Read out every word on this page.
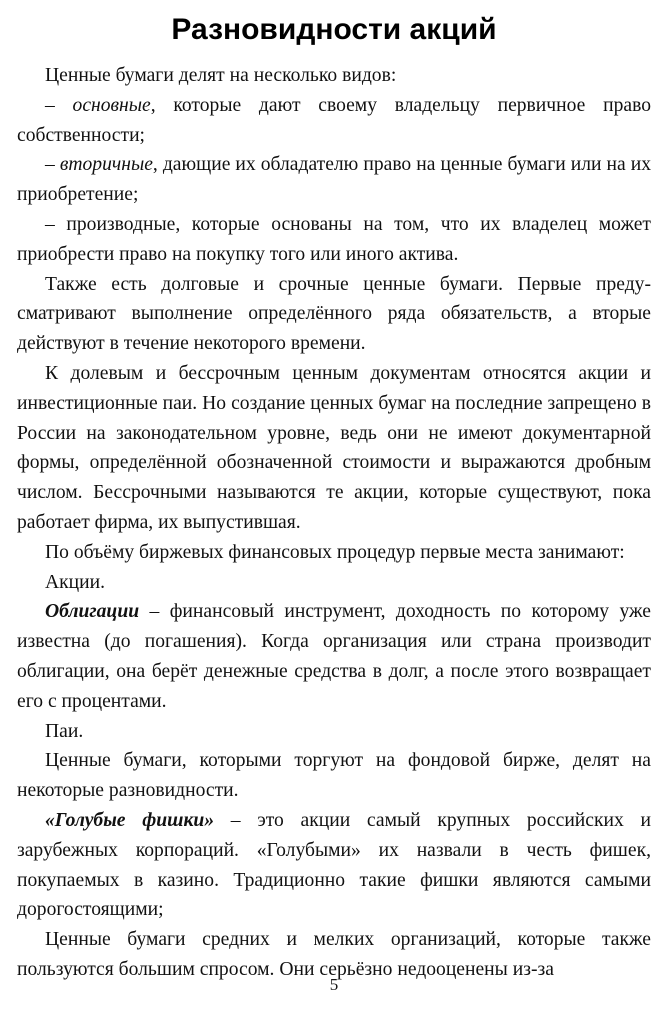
Разновидности акций

Ценные бумаги делят на несколько видов:

– основные, которые дают своему владельцу первичное право собственности;

– вторичные, дающие их обладателю право на ценные бумаги или на их приобретение;

– производные, которые основаны на том, что их владелец может приобрести право на покупку того или иного актива.

Также есть долговые и срочные ценные бумаги. Первые предусматривают выполнение определённого ряда обязательств, а вторые действуют в течение некоторого времени.

К долевым и бессрочным ценным документам относятся акции и инвестиционные паи. Но создание ценных бумаг на последние запрещено в России на законодательном уровне, ведь они не имеют документарной формы, определённой обозначенной стоимости и выражаются дробным числом. Бессрочными называются те акции, которые существуют, пока работает фирма, их выпустившая.

По объёму биржевых финансовых процедур первые места занимают:

Акции.

Облигации – финансовый инструмент, доходность по которому уже известна (до погашения). Когда организация или страна производит облигации, она берёт денежные средства в долг, а после этого возвращает его с процентами.

Паи.

Ценные бумаги, которыми торгуют на фондовой бирже, делят на некоторые разновидности.

«Голубые фишки» – это акции самый крупных российских и зарубежных корпораций. «Голубыми» их назвали в честь фишек, покупаемых в казино. Традиционно такие фишки являются самыми дорогостоящими;

Ценные бумаги средних и мелких организаций, которые также пользуются большим спросом. Они серьёзно недооценены из-за

5
